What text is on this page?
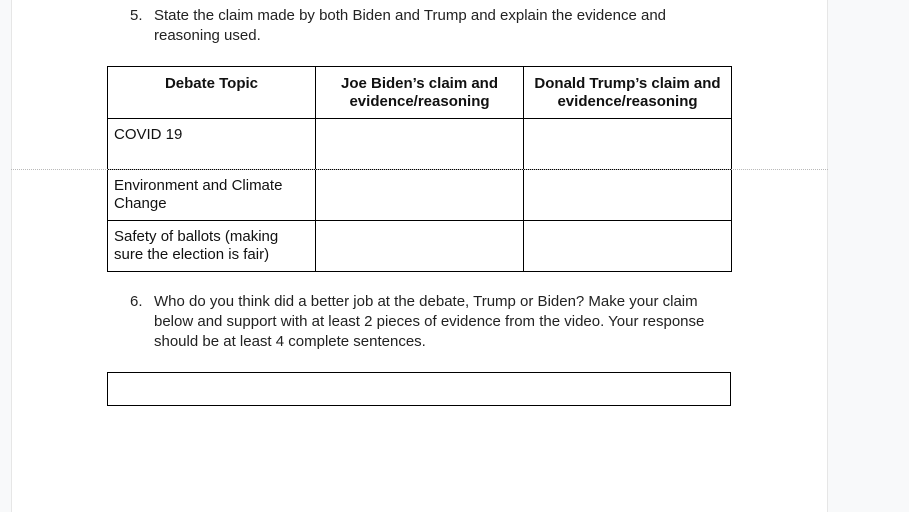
5. State the claim made by both Biden and Trump and explain the evidence and reasoning used.
Debate Topic	Joe Biden’s claim and evidence/reasoning	Donald Trump’s claim and evidence/reasoning
COVID 19		
Environment and Climate Change		
Safety of ballots (making sure the election is fair)		
6. Who do you think did a better job at the debate, Trump or Biden? Make your claim below and support with at least 2 pieces of evidence from the video. Your response should be at least 4 complete sentences.
